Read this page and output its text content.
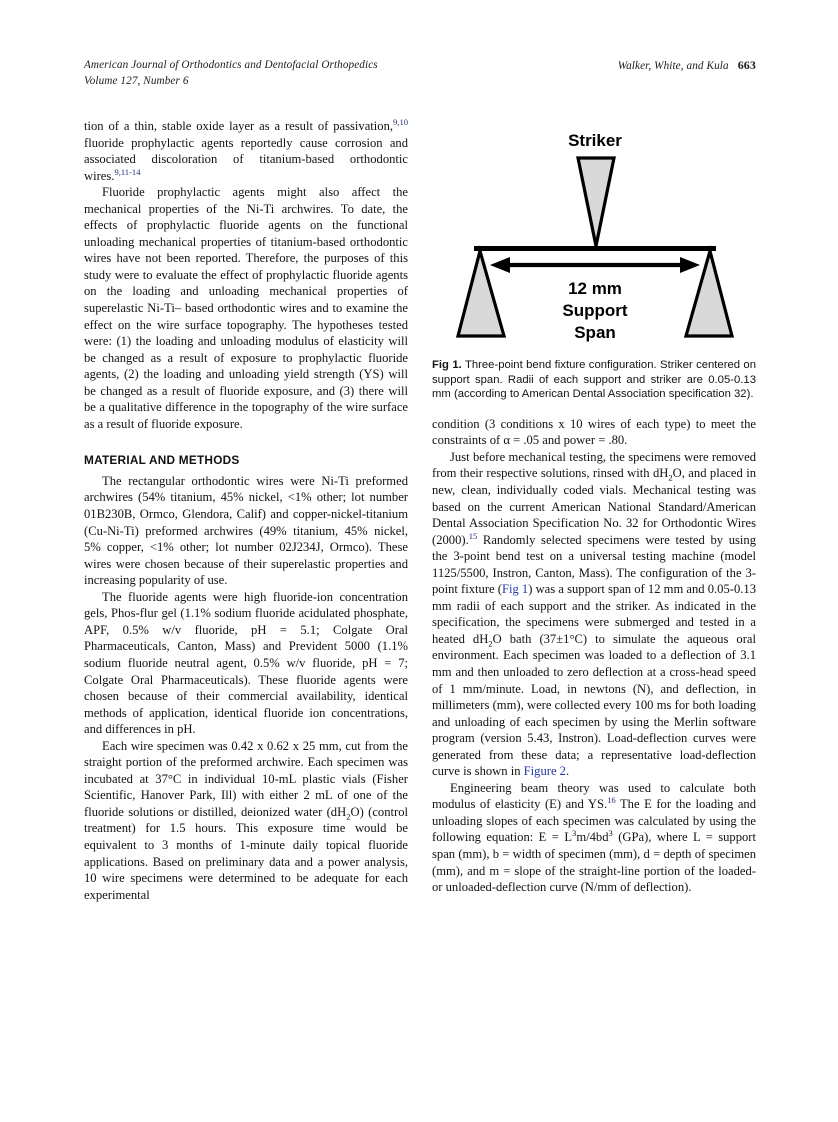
American Journal of Orthodontics and Dentofacial Orthopedics
Volume 127, Number 6
Walker, White, and Kula 663

tion of a thin, stable oxide layer as a result of passivation,$^{9,10}$ fluoride prophylactic agents reportedly cause corrosion and associated discoloration of titanium-based orthodontic wires.$^{9,11-14}$

Fluoride prophylactic agents might also affect the mechanical properties of the Ni-Ti archwires. To date, the effects of prophylactic fluoride agents on the functional unloading mechanical properties of titanium-based orthodontic wires have not been reported. Therefore, the purposes of this study were to evaluate the effect of prophylactic fluoride agents on the loading and unloading mechanical properties of superelastic Ni-Ti– based orthodontic wires and to examine the effect on the wire surface topography. The hypotheses tested were: (1) the loading and unloading modulus of elasticity will be changed as a result of exposure to prophylactic fluoride agents, (2) the loading and unloading yield strength (YS) will be changed as a result of fluoride exposure, and (3) there will be a qualitative difference in the topography of the wire surface as a result of fluoride exposure.

MATERIAL AND METHODS

The rectangular orthodontic wires were Ni-Ti preformed archwires (54% titanium, 45% nickel, <1% other; lot number 01B230B, Ormco, Glendora, Calif) and copper-nickel-titanium (Cu-Ni-Ti) preformed archwires (49% titanium, 45% nickel, 5% copper, <1% other; lot number 02J234J, Ormco). These wires were chosen because of their superelastic properties and increasing popularity of use.

The fluoride agents were high fluoride-ion concentration gels, Phos-flur gel (1.1% sodium fluoride acidulated phosphate, APF, 0.5% w/v fluoride, pH = 5.1; Colgate Oral Pharmaceuticals, Canton, Mass) and Prevident 5000 (1.1% sodium fluoride neutral agent, 0.5% w/v fluoride, pH = 7; Colgate Oral Pharmaceuticals). These fluoride agents were chosen because of their commercial availability, identical methods of application, identical fluoride ion concentrations, and differences in pH.

Each wire specimen was 0.42 x 0.62 x 25 mm, cut from the straight portion of the preformed archwire. Each specimen was incubated at 37°C in individual 10-mL plastic vials (Fisher Scientific, Hanover Park, Ill) with either 2 mL of one of the fluoride solutions or distilled, deionized water $(dH_2O)$ (control treatment) for 1.5 hours. This exposure time would be equivalent to 3 months of 1-minute daily topical fluoride applications. Based on preliminary data and a power analysis, 10 wire specimens were determined to be adequate for each experimental

Striker
12 mm
Support
Span

Fig 1. Three-point bend fixture configuration. Striker centered on support span. Radii of each support and striker are 0.05-0.13 mm (according to American Dental Association specification 32).

condition (3 conditions x 10 wires of each type) to meet the constraints of α = .05 and power = .80.

Just before mechanical testing, the specimens were removed from their respective solutions, rinsed with $dH_2O$, and placed in new, clean, individually coded vials. Mechanical testing was based on the current American National Standard/American Dental Association Specification No. 32 for Orthodontic Wires (2000).$^{15}$ Randomly selected specimens were tested by using the 3-point bend test on a universal testing machine (model 1125/5500, Instron, Canton, Mass). The configuration of the 3-point fixture (Fig 1) was a support span of 12 mm and 0.05-0.13 mm radii of each support and the striker. As indicated in the specification, the specimens were submerged and tested in a heated $dH_2O$ bath (37±1°C) to simulate the aqueous oral environment. Each specimen was loaded to a deflection of 3.1 mm and then unloaded to zero deflection at a cross-head speed of 1 mm/minute. Load, in newtons (N), and deflection, in millimeters (mm), were collected every 100 ms for both loading and unloading of each specimen by using the Merlin software program (version 5.43, Instron). Load-deflection curves were generated from these data; a representative load-deflection curve is shown in Figure 2.

Engineering beam theory was used to calculate both modulus of elasticity (E) and YS.$^{16}$ The E for the loading and unloading slopes of each specimen was calculated by using the following equation: $E = L^3m/4bd^3$ (GPa), where L = support span (mm), b = width of specimen (mm), d = depth of specimen (mm), and m = slope of the straight-line portion of the loaded- or unloaded-deflection curve (N/mm of deflection).
